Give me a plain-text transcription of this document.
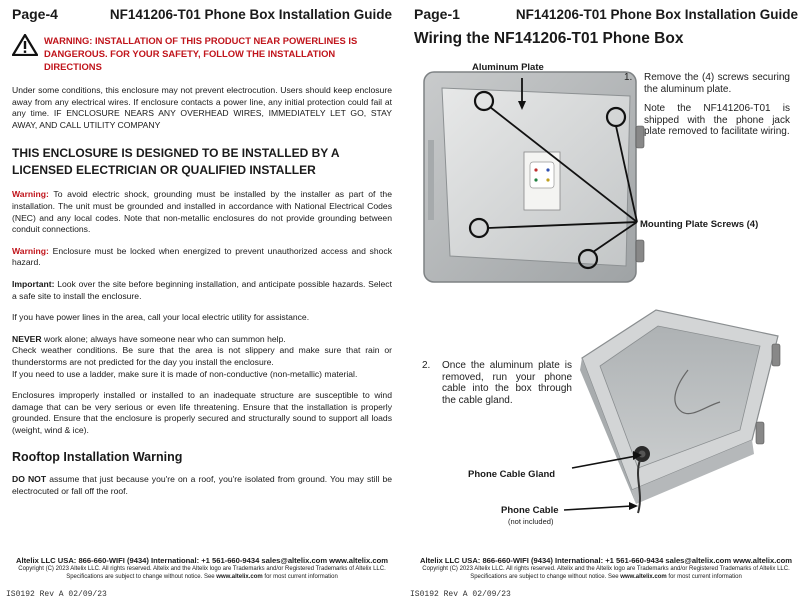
Page-4	NF141206-T01 Phone Box Installation Guide
WARNING: INSTALLATION OF THIS PRODUCT NEAR POWERLINES IS
DANGEROUS. FOR YOUR SAFETY, FOLLOW THE INSTALLATION DIRECTIONS

Under some conditions, this enclosure may not prevent electrocution. Users should keep enclosure away from any electrical wires. If enclosure contacts a power line, any initial protection could fail at any time. IF ENCLOSURE NEARS ANY OVERHEAD WIRES, IMMEDIATELY LET GO, STAY AWAY, AND CALL UTILITY COMPANY

THIS ENCLOSURE IS DESIGNED TO BE INSTALLED BY A LICENSED ELECTRICIAN OR QUALIFIED INSTALLER

Warning: To avoid electric shock, grounding must be installed by the installer as part of the installation. The unit must be grounded and installed in accordance with National Electrical Codes (NEC) and any local codes. Note that non-metallic enclosures do not provide grounding between conduit connections.

Warning: Enclosure must be locked when energized to prevent unauthorized access and shock hazard.

Important: Look over the site before beginning installation, and anticipate possible hazards. Select a safe site to install the enclosure.

If you have power lines in the area, call your local electric utility for assistance.

NEVER work alone; always have someone near who can summon help.

Check weather conditions. Be sure that the area is not slippery and make sure that rain or thunderstorms are not predicted for the day you install the enclosure.

If you need to use a ladder, make sure it is made of non-conductive (non-metallic) material.

Enclosures improperly installed or installed to an inadequate structure are susceptible to wind damage that can be very serious or even life threatening. Ensure that the installation is properly grounded. Ensure that the enclosure is properly secured and structurally sound to support all loads (weight, wind & ice).

Rooftop Installation Warning

DO NOT assume that just because you're on a roof, you're isolated from ground. You may still be electrocuted or fall off the roof.

Altelix LLC USA: 866-660-WIFI (9434) International: +1 561-660-9434 sales@altelix.com www.altelix.com
Copyright (C) 2023 Altelix LLC. All rights reserved. Altelix and the Altelix logo are Trademarks and/or Registered Trademarks of Altelix LLC.
Specifications are subject to change without notice. See www.altelix.com for most current information
IS0192 Rev A 02/09/23
Page-1	NF141206-T01 Phone Box Installation Guide
Wiring the NF141206-T01 Phone Box
Aluminum Plate
Mounting Plate Screws (4)
1. Remove the (4) screws securing the aluminum plate.
Note the NF141206-T01 is shipped with the phone jack plate removed to facilitate wiring.
2. Once the aluminum plate is removed, run your phone cable into the box through the cable gland.
Phone Cable Gland
Phone Cable
(not included)
Altelix LLC USA: 866-660-WIFI (9434) International: +1 561-660-9434 sales@altelix.com www.altelix.com
Copyright (C) 2023 Altelix LLC. All rights reserved. Altelix and the Altelix logo are Trademarks and/or Registered Trademarks of Altelix LLC.
Specifications are subject to change without notice. See www.altelix.com for most current information
IS0192 Rev A 02/09/23
